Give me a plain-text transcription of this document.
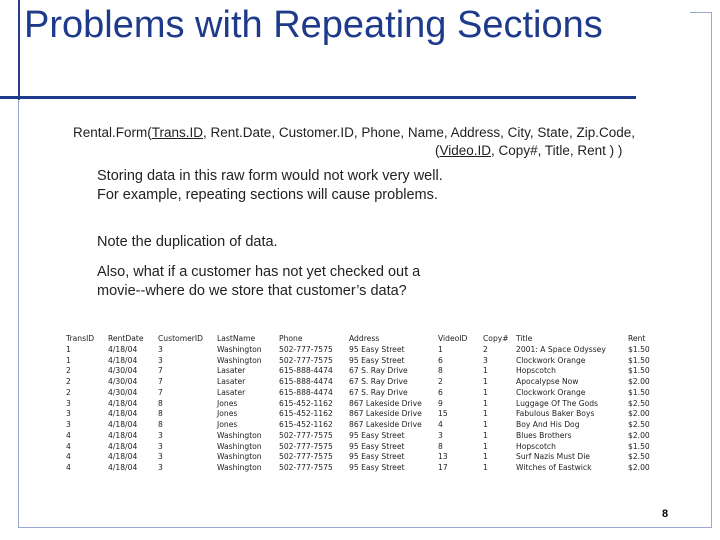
Problems with Repeating Sections
Rental.Form(Trans.ID, Rent.Date, Customer.ID, Phone, Name, Address, City, State, Zip.Code,
(Video.ID, Copy#, Title, Rent ) )
Storing data in this raw form would not work very well. For example, repeating sections will cause problems.
Note the duplication of data.
Also, what if a customer has not yet checked out a movie--where do we store that customer’s data?
TransID	RentDate	CustomerID	LastName	Phone	Address	VideoID	Copy#	Title	Rent
1	4/18/04	3	Washington	502-777-7575	95 Easy Street	1	2	2001: A Space Odyssey	$1.50
1	4/18/04	3	Washington	502-777-7575	95 Easy Street	6	3	Clockwork Orange	$1.50
2	4/30/04	7	Lasater	615-888-4474	67 S. Ray Drive	8	1	Hopscotch	$1.50
2	4/30/04	7	Lasater	615-888-4474	67 S. Ray Drive	2	1	Apocalypse Now	$2.00
2	4/30/04	7	Lasater	615-888-4474	67 S. Ray Drive	6	1	Clockwork Orange	$1.50
3	4/18/04	8	Jones	615-452-1162	867 Lakeside Drive	9	1	Luggage Of The Gods	$2.50
3	4/18/04	8	Jones	615-452-1162	867 Lakeside Drive	15	1	Fabulous Baker Boys	$2.00
3	4/18/04	8	Jones	615-452-1162	867 Lakeside Drive	4	1	Boy And His Dog	$2.50
4	4/18/04	3	Washington	502-777-7575	95 Easy Street	3	1	Blues Brothers	$2.00
4	4/18/04	3	Washington	502-777-7575	95 Easy Street	8	1	Hopscotch	$1.50
4	4/18/04	3	Washington	502-777-7575	95 Easy Street	13	1	Surf Nazis Must Die	$2.50
4	4/18/04	3	Washington	502-777-7575	95 Easy Street	17	1	Witches of Eastwick	$2.00
8
